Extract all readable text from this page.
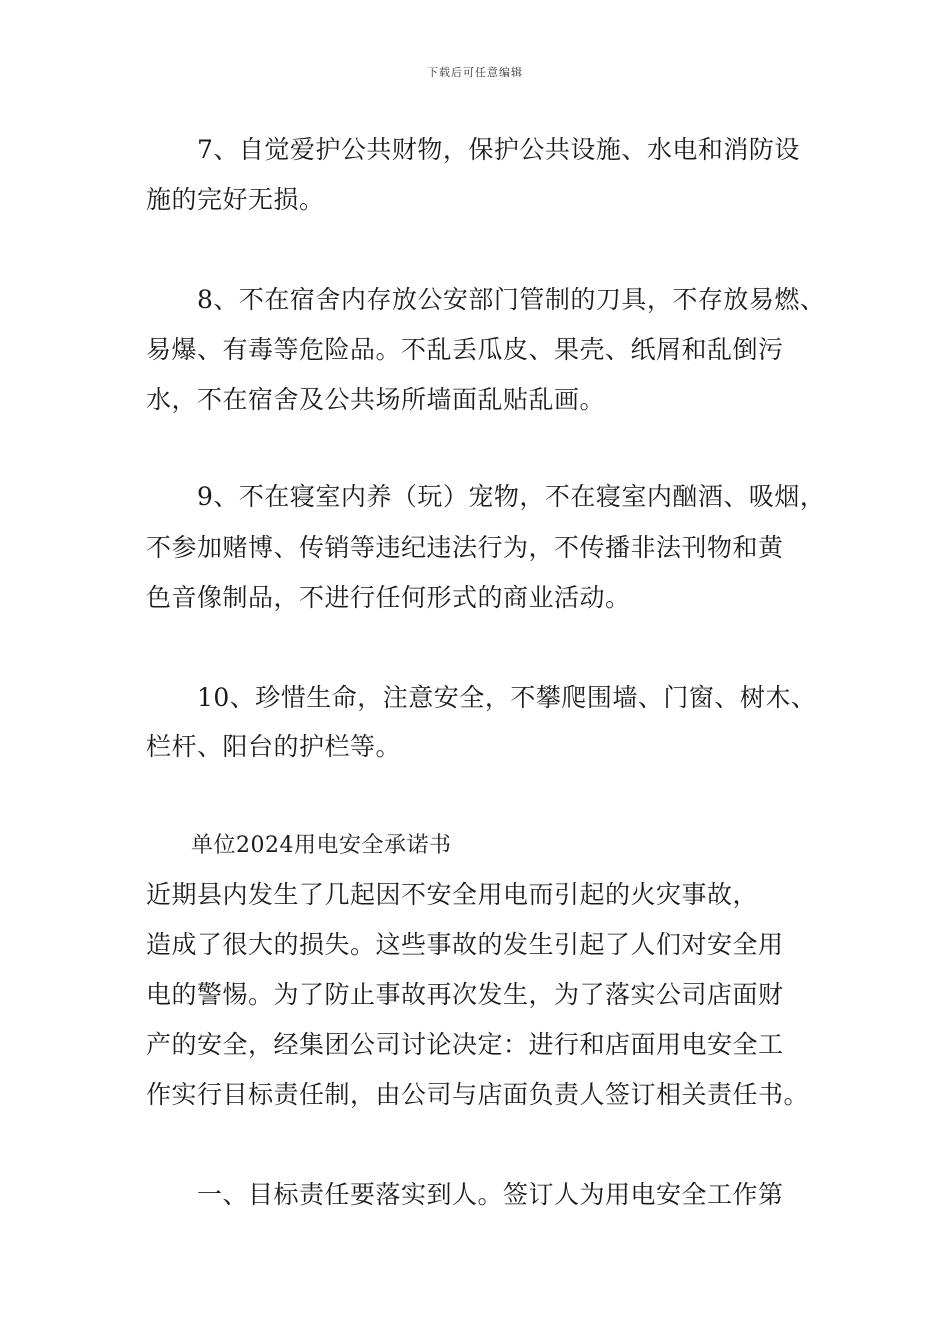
下载后可任意编辑
　　7、自觉爱护公共财物，保护公共设施、水电和消防设
施的完好无损。
　　8、不在宿舍内存放公安部门管制的刀具，不存放易燃、
易爆、有毒等危险品。不乱丢瓜皮、果壳、纸屑和乱倒污
水，不在宿舍及公共场所墙面乱贴乱画。
　　9、不在寝室内养（玩）宠物，不在寝室内酗酒、吸烟，
不参加赌博、传销等违纪违法行为，不传播非法刊物和黄
色音像制品，不进行任何形式的商业活动。
　　10、珍惜生命，注意安全，不攀爬围墙、门窗、树木、
栏杆、阳台的护栏等。
　　单位2024用电安全承诺书
近期县内发生了几起因不安全用电而引起的火灾事故，
造成了很大的损失。这些事故的发生引起了人们对安全用
电的警惕。为了防止事故再次发生，为了落实公司店面财
产的安全，经集团公司讨论决定：进行和店面用电安全工
作实行目标责任制，由公司与店面负责人签订相关责任书。
　　一、目标责任要落实到人。签订人为用电安全工作第
